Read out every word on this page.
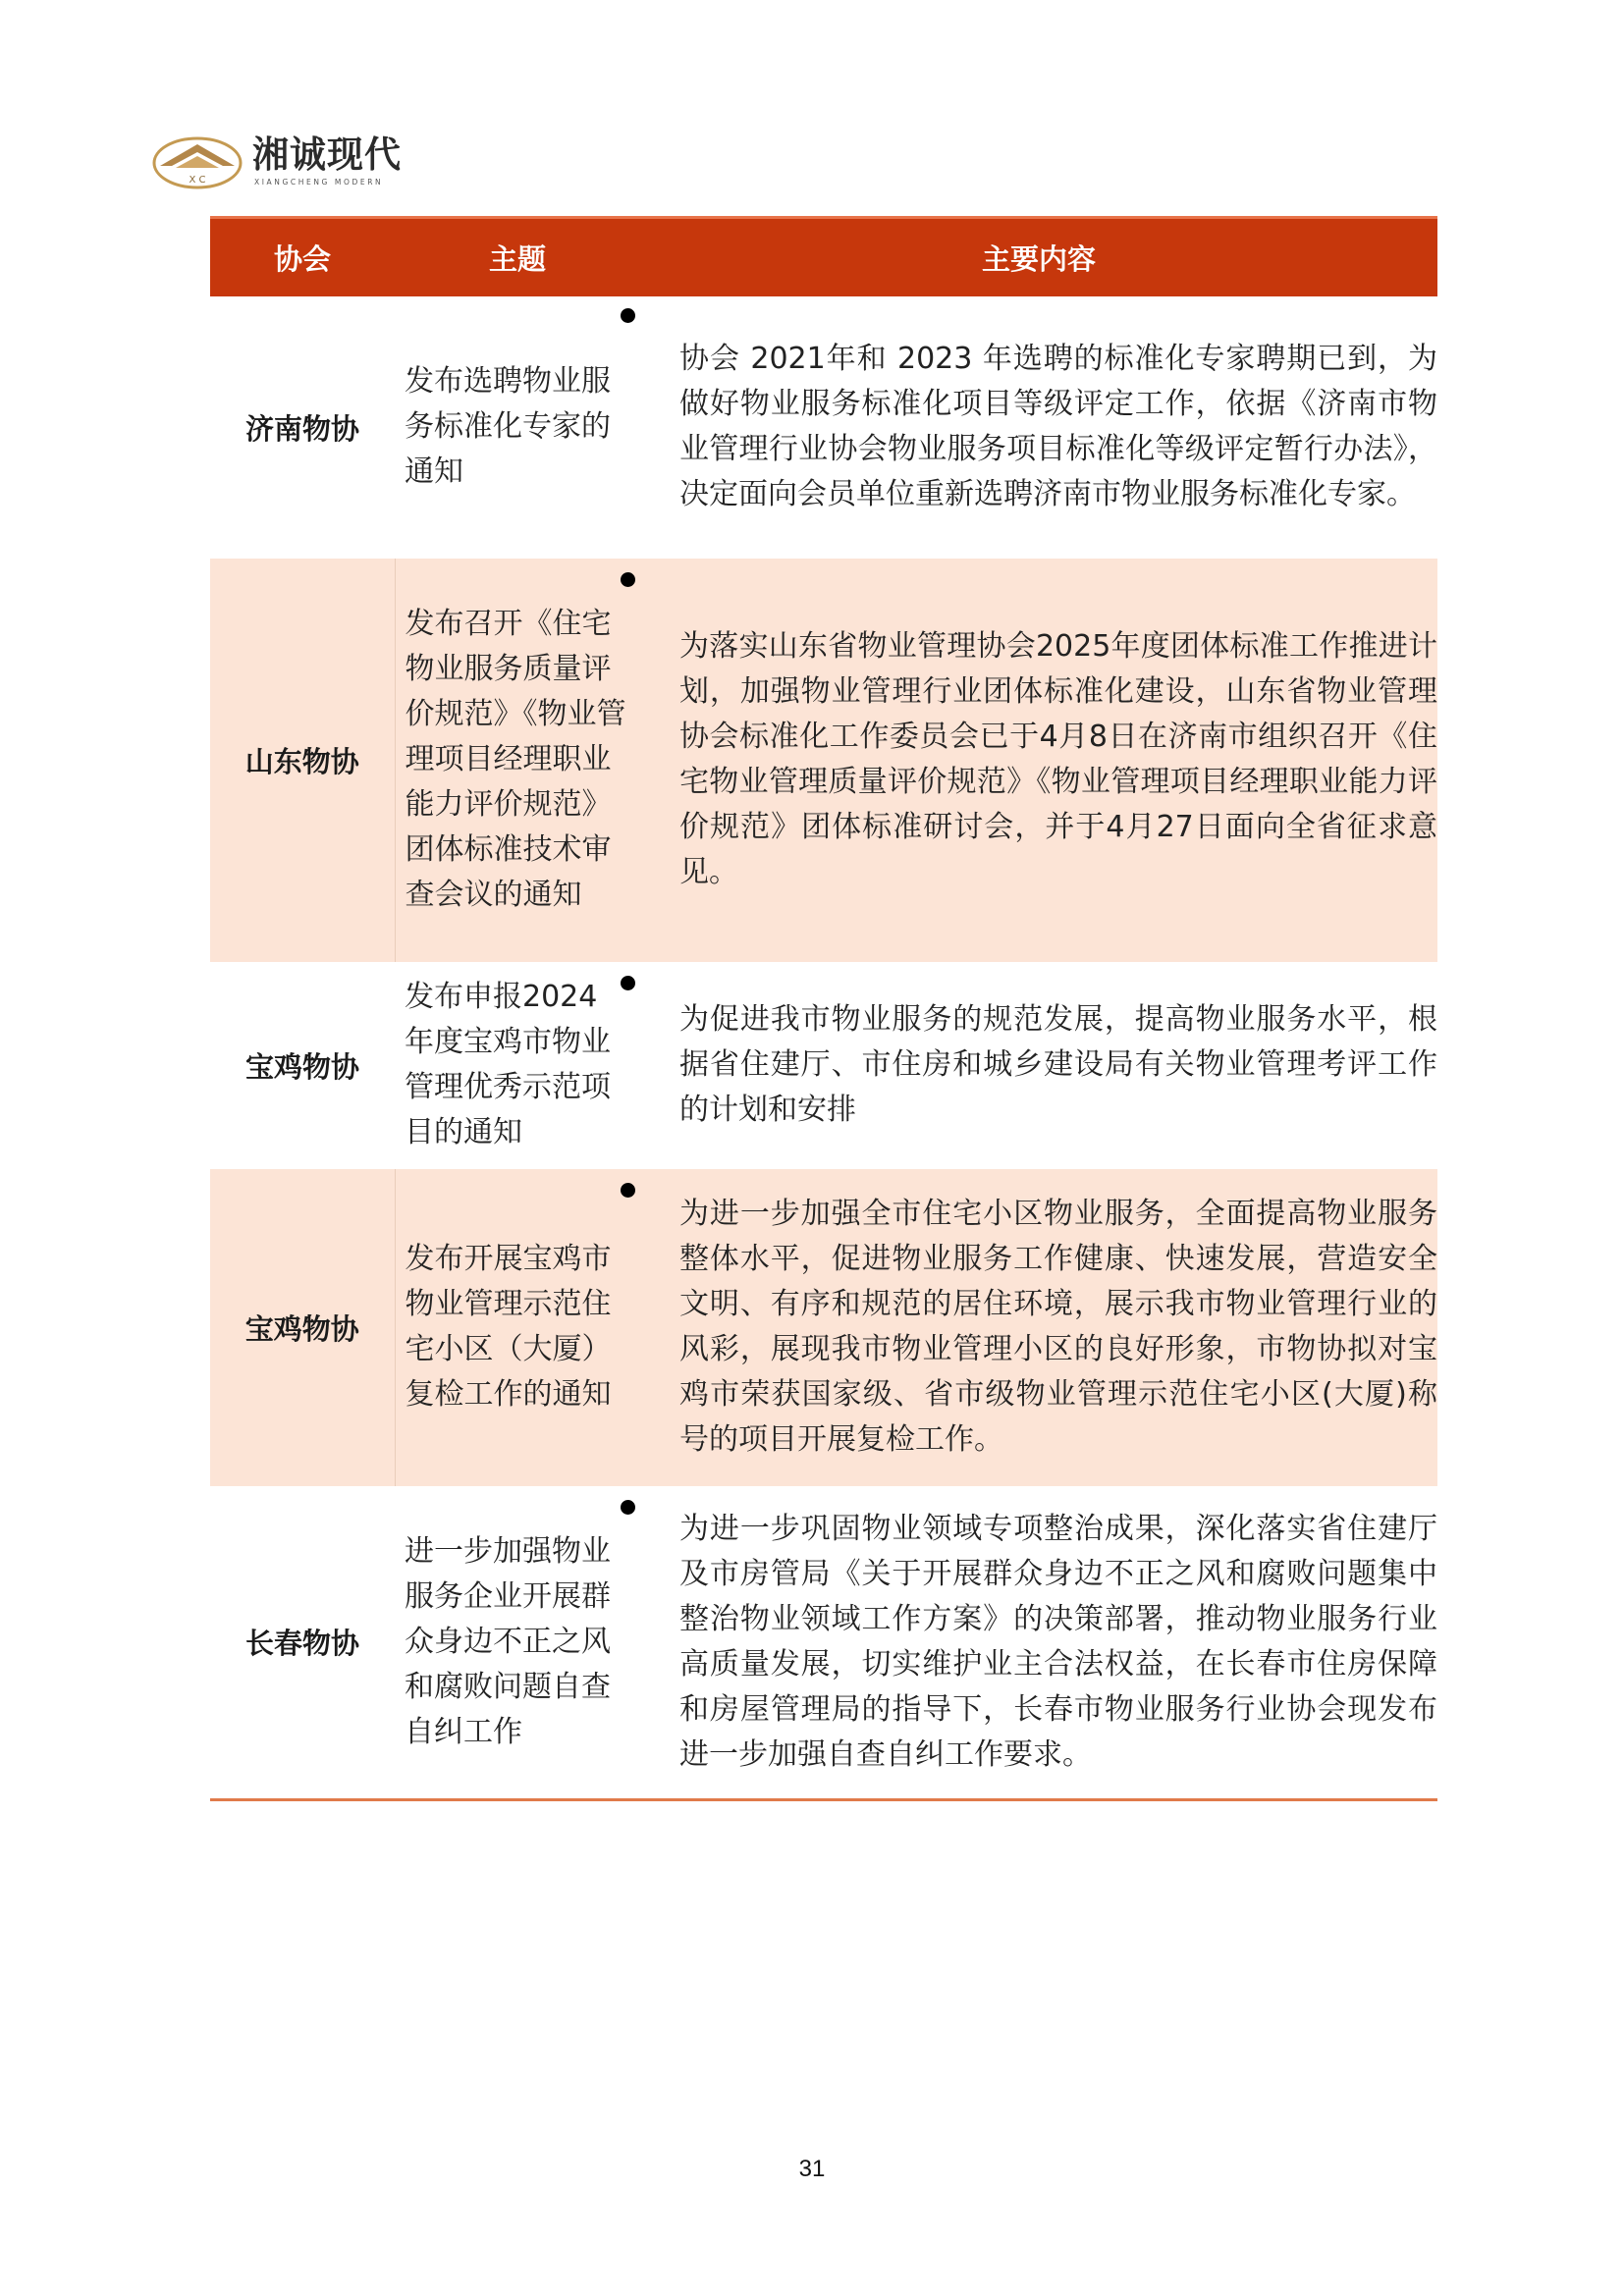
X C
湘诚现代
XIANGCHENG MODERN
协会	主题	主要内容
济南物协	发布选聘物业服务标准化专家的通知	协会 2021年和 2023 年选聘的标准化专家聘期已到，为做好物业服务标准化项目等级评定工作，依据《济南市物业管理行业协会物业服务项目标准化等级评定暂行办法》，决定面向会员单位重新选聘济南市物业服务标准化专家。

山东物协	发布召开《住宅物业服务质量评价规范》《物业管理项目经理职业能力评价规范》团体标准技术审查会议的通知	为落实山东省物业管理协会2025年度团体标准工作推进计划，加强物业管理行业团体标准化建设，山东省物业管理协会标准化工作委员会已于4月8日在济南市组织召开《住宅物业管理质量评价规范》《物业管理项目经理职业能力评价规范》团体标准研讨会，并于4月27日面向全省征求意见。

宝鸡物协	发布申报2024年度宝鸡市物业管理优秀示范项目的通知	为促进我市物业服务的规范发展，提高物业服务水平，根据省住建厅、市住房和城乡建设局有关物业管理考评工作的计划和安排

宝鸡物协	发布开展宝鸡市物业管理示范住宅小区（大厦）复检工作的通知	为进一步加强全市住宅小区物业服务，全面提高物业服务整体水平，促进物业服务工作健康、快速发展，营造安全文明、有序和规范的居住环境，展示我市物业管理行业的风彩，展现我市物业管理小区的良好形象，市物协拟对宝鸡市荣获国家级、省市级物业管理示范住宅小区(大厦)称号的项目开展复检工作。

长春物协	进一步加强物业服务企业开展群众身边不正之风和腐败问题自查自纠工作	为进一步巩固物业领域专项整治成果，深化落实省住建厅及市房管局《关于开展群众身边不正之风和腐败问题集中整治物业领域工作方案》的决策部署，推动物业服务行业高质量发展，切实维护业主合法权益，在长春市住房保障和房屋管理局的指导下，长春市物业服务行业协会现发布进一步加强自查自纠工作要求。
31
